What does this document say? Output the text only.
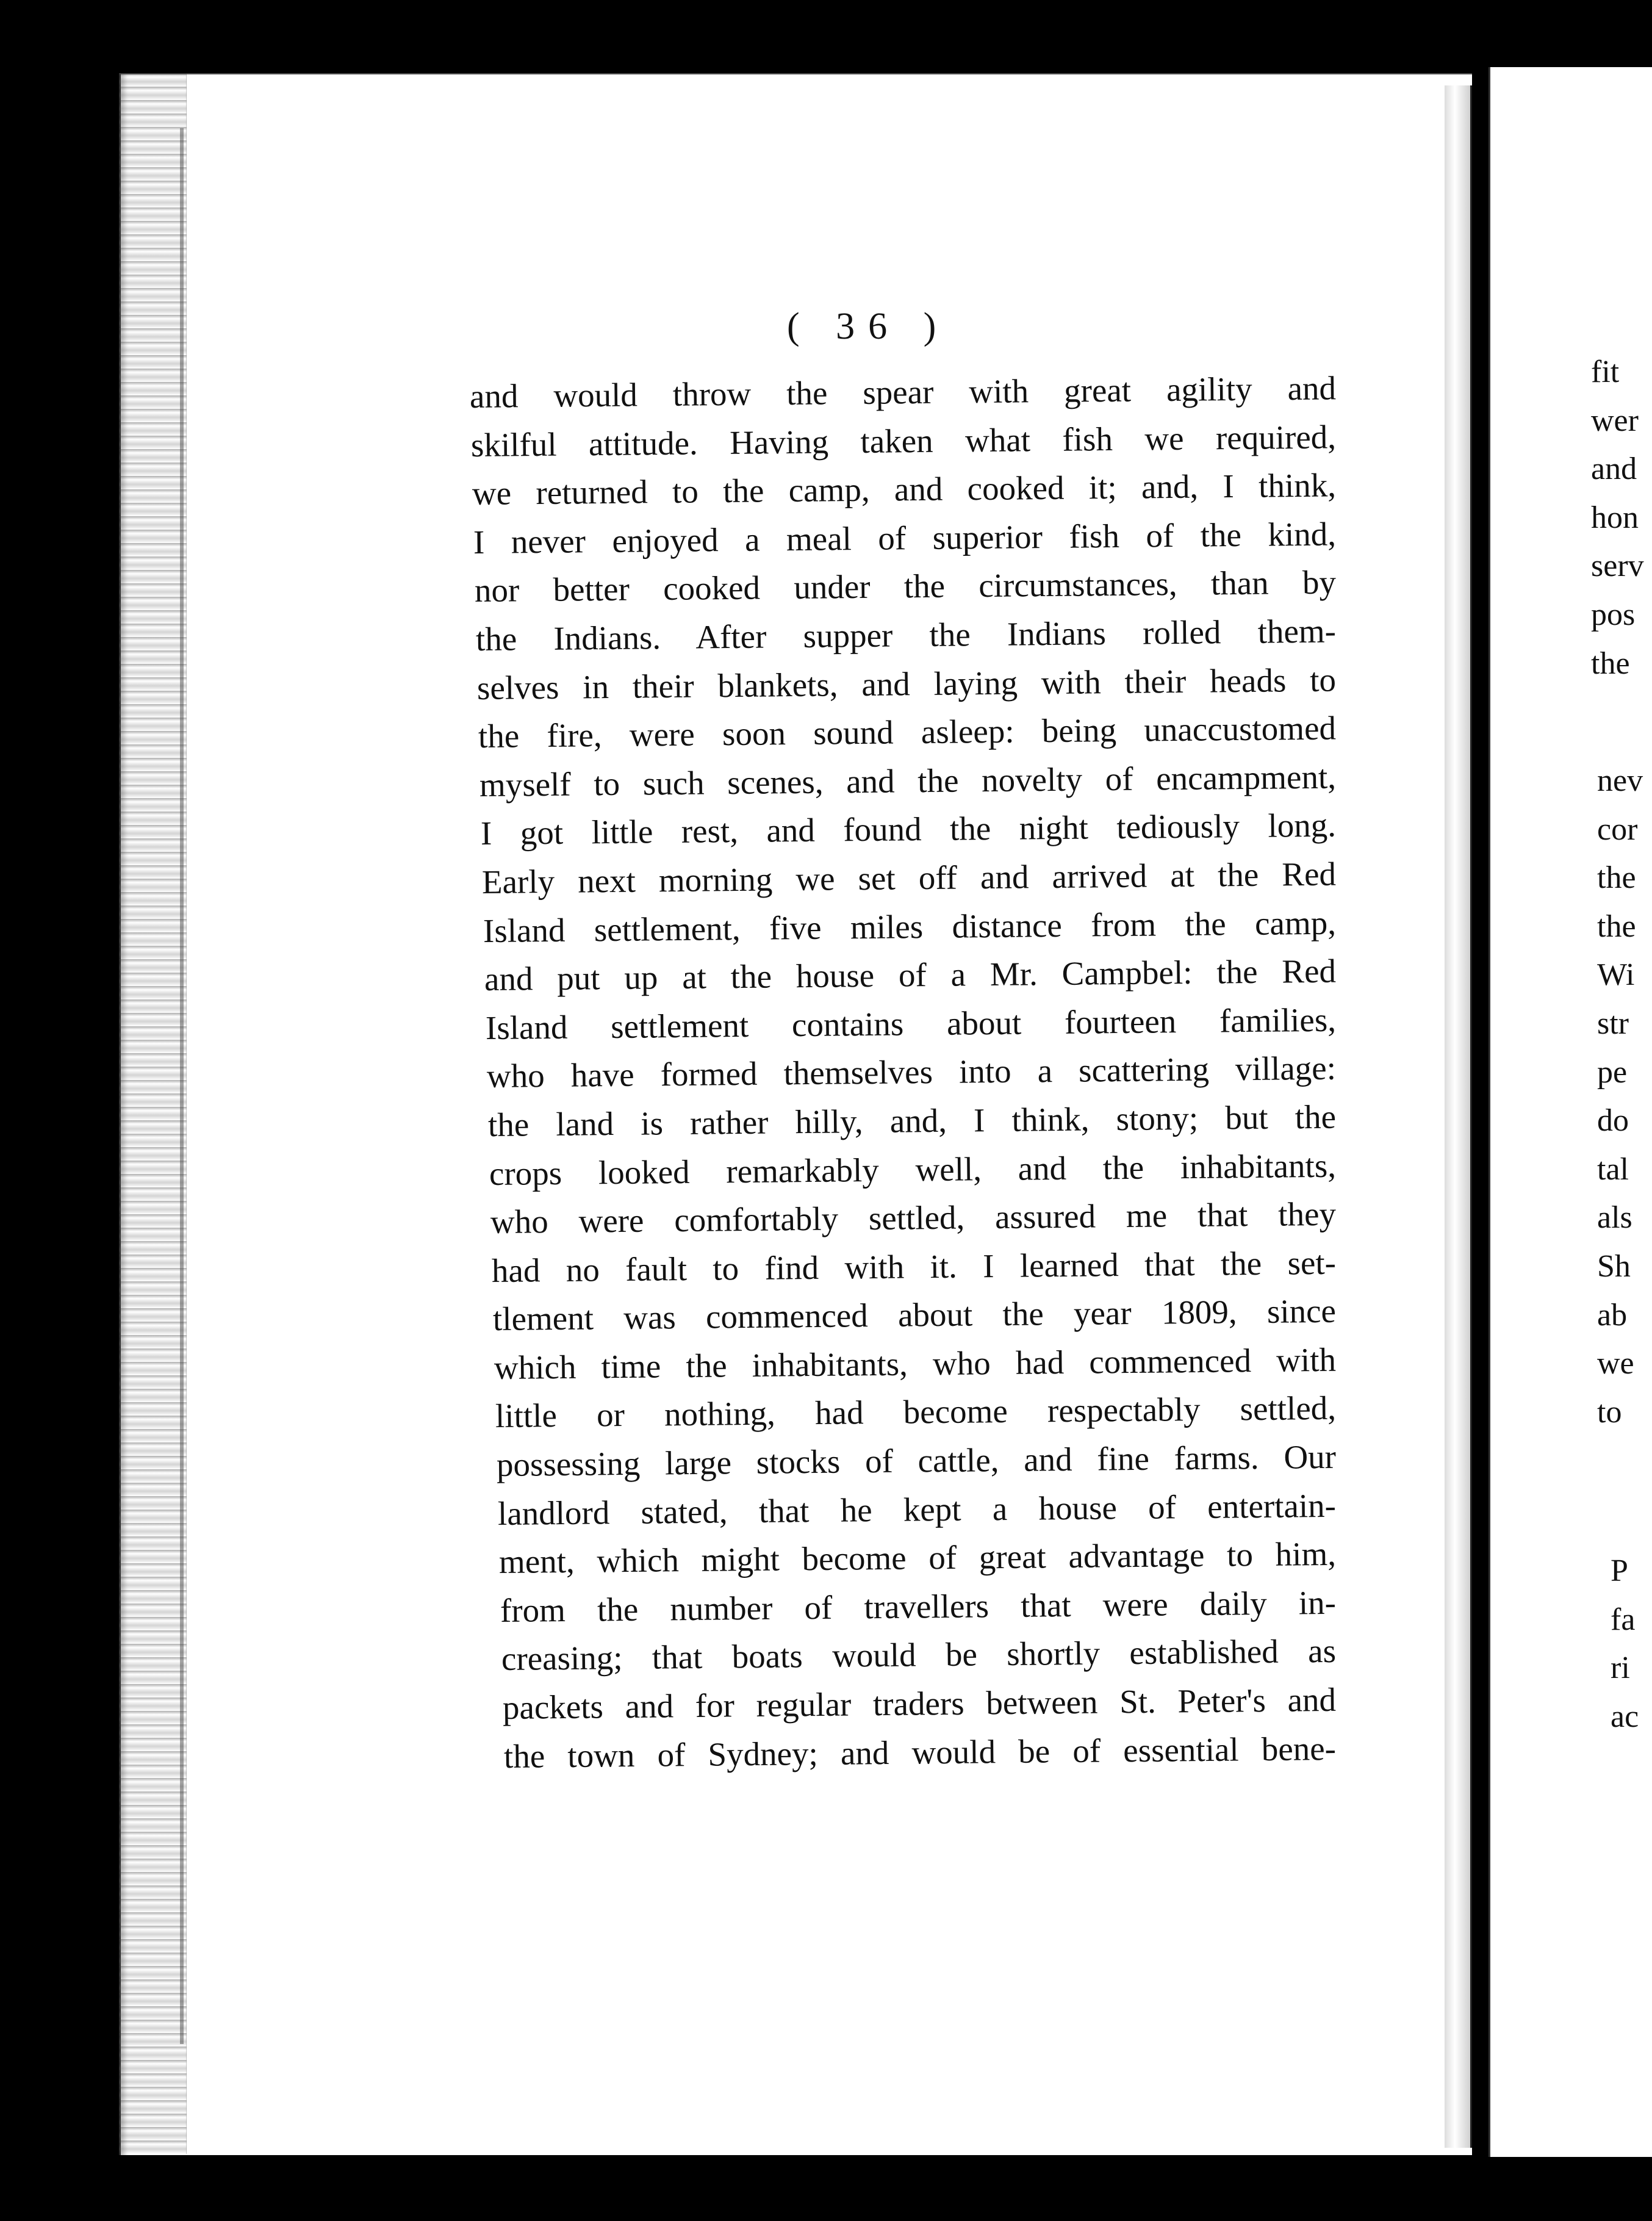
( 36 )
and would throw the spear with great agility and
skilful attitude. Having taken what fish we required,
we returned to the camp, and cooked it; and, I think,
I never enjoyed a meal of superior fish of the kind,
nor better cooked under the circumstances, than by
the Indians. After supper the Indians rolled them-
selves in their blankets, and laying with their heads to
the fire, were soon sound asleep: being unaccustomed
myself to such scenes, and the novelty of encampment,
I got little rest, and found the night tediously long.
Early next morning we set off and arrived at the Red
Island settlement, five miles distance from the camp,
and put up at the house of a Mr. Campbel: the Red
Island settlement contains about fourteen families,
who have formed themselves into a scattering village:
the land is rather hilly, and, I think, stony; but the
crops looked remarkably well, and the inhabitants,
who were comfortably settled, assured me that they
had no fault to find with it. I learned that the set-
tlement was commenced about the year 1809, since
which time the inhabitants, who had commenced with
little or nothing, had become respectably settled,
possessing large stocks of cattle, and fine farms. Our
landlord stated, that he kept a house of entertain-
ment, which might become of great advantage to him,
from the number of travellers that were daily in-
creasing; that boats would be shortly established as
packets and for regular traders between St. Peter's and
the town of Sydney; and would be of essential bene-
fit
wer
and
hon
serv
pos
the
nev
cor
the
the
Wi
str
pe
do
tal
als
Sh
ab
we
to
P
fa
ri
ac
